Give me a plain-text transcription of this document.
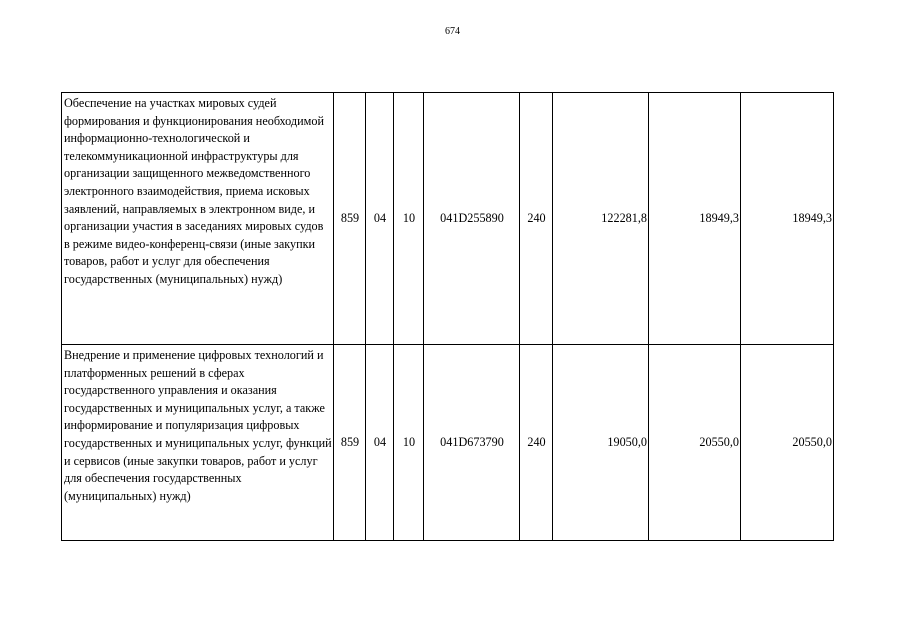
674
Обеспечение на участках мировых судей формирования и функционирования необходимой информационно-технологической и телекоммуникационной инфраструктуры для организации защищенного межведомственного электронного взаимодействия, приема исковых заявлений, направляемых в электронном виде, и организации участия в заседаниях мировых судов в режиме видео-конференц-связи (иные закупки товаров, работ и услуг для обеспечения государственных (муниципальных) нужд)	859	04	10	041D255890	240	122281,8	18949,3	18949,3
Внедрение и применение цифровых технологий и платформенных решений в сферах государственного управления и оказания государственных и муниципальных услуг, а также информирование и популяризация цифровых государственных и муниципальных услуг, функций и сервисов (иные закупки товаров, работ и услуг для обеспечения государственных (муниципальных) нужд)	859	04	10	041D673790	240	19050,0	20550,0	20550,0
